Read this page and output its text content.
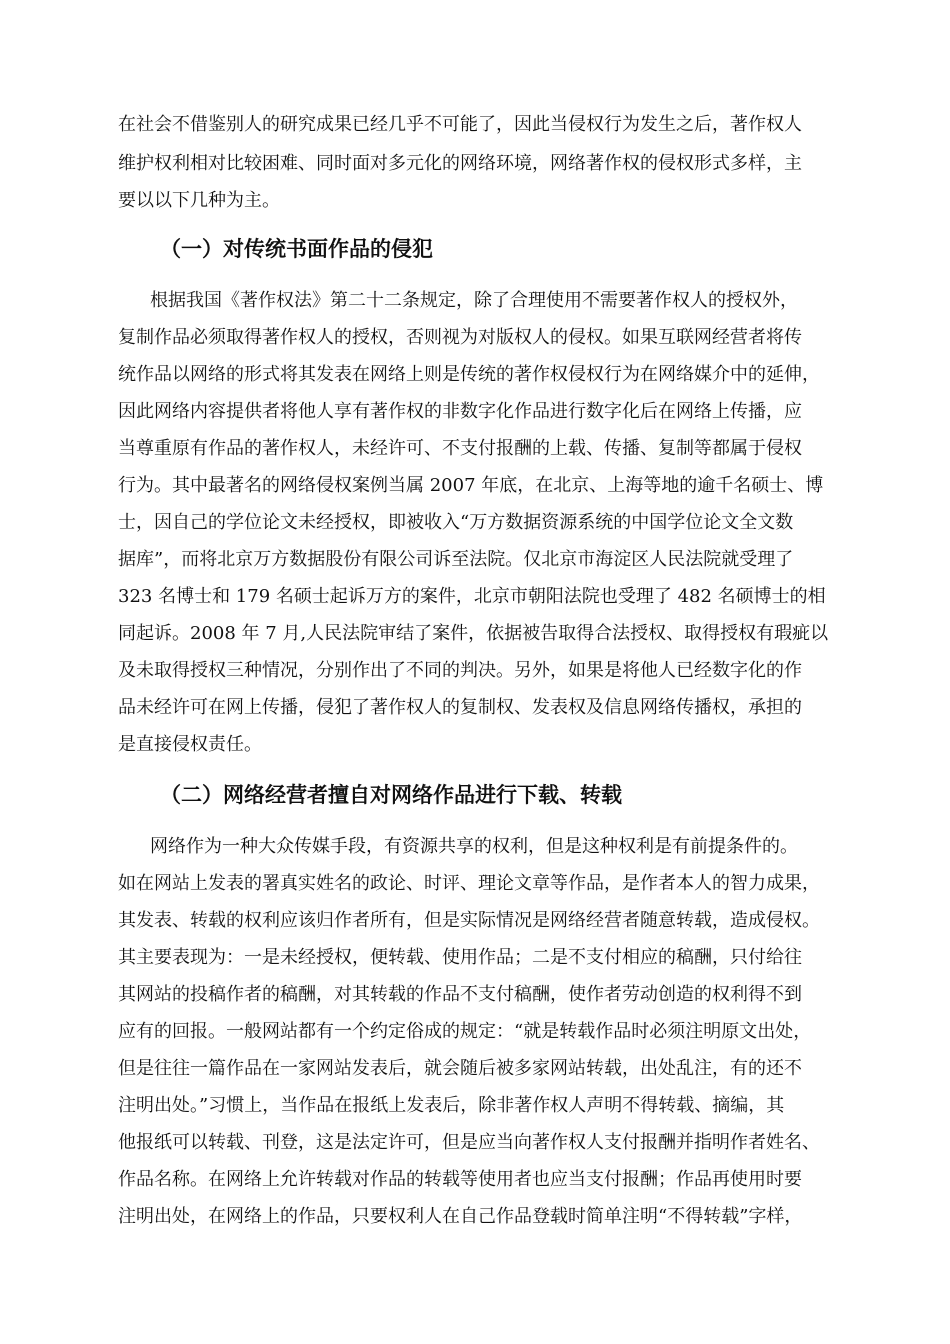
在社会不借鉴别人的研究成果已经几乎不可能了，因此当侵权行为发生之后，著作权人

维护权利相对比较困难、同时面对多元化的网络环境，网络著作权的侵权形式多样，主

要以以下几种为主。

（一）对传统书面作品的侵犯

根据我国《著作权法》第二十二条规定，除了合理使用不需要著作权人的授权外，

复制作品必须取得著作权人的授权，否则视为对版权人的侵权。如果互联网经营者将传

统作品以网络的形式将其发表在网络上则是传统的著作权侵权行为在网络媒介中的延伸，

因此网络内容提供者将他人享有著作权的非数字化作品进行数字化后在网络上传播，应

当尊重原有作品的著作权人，未经许可、不支付报酬的上载、传播、复制等都属于侵权

行为。其中最著名的网络侵权案例当属 2007 年底，在北京、上海等地的逾千名硕士、博

士，因自己的学位论文未经授权，即被收入“万方数据资源系统的中国学位论文全文数

据库”，而将北京万方数据股份有限公司诉至法院。仅北京市海淀区人民法院就受理了

323 名博士和 179 名硕士起诉万方的案件，北京市朝阳法院也受理了 482 名硕博士的相

同起诉。2008 年 7 月,人民法院审结了案件，依据被告取得合法授权、取得授权有瑕疵以

及未取得授权三种情况，分别作出了不同的判决。另外，如果是将他人已经数字化的作

品未经许可在网上传播，侵犯了著作权人的复制权、发表权及信息网络传播权，承担的

是直接侵权责任。

（二）网络经营者擅自对网络作品进行下载、转载

网络作为一种大众传媒手段，有资源共享的权利，但是这种权利是有前提条件的。

如在网站上发表的署真实姓名的政论、时评、理论文章等作品，是作者本人的智力成果，

其发表、转载的权利应该归作者所有，但是实际情况是网络经营者随意转载，造成侵权。

其主要表现为：一是未经授权，便转载、使用作品；二是不支付相应的稿酬，只付给往

其网站的投稿作者的稿酬，对其转载的作品不支付稿酬，使作者劳动创造的权利得不到

应有的回报。一般网站都有一个约定俗成的规定：“就是转载作品时必须注明原文出处，

但是往往一篇作品在一家网站发表后，就会随后被多家网站转载，出处乱注，有的还不

注明出处。”习惯上，当作品在报纸上发表后，除非著作权人声明不得转载、摘编，其

他报纸可以转载、刊登，这是法定许可，但是应当向著作权人支付报酬并指明作者姓名、

作品名称。在网络上允许转载对作品的转载等使用者也应当支付报酬；作品再使用时要

注明出处，在网络上的作品，只要权利人在自己作品登载时简单注明“不得转载”字样，
